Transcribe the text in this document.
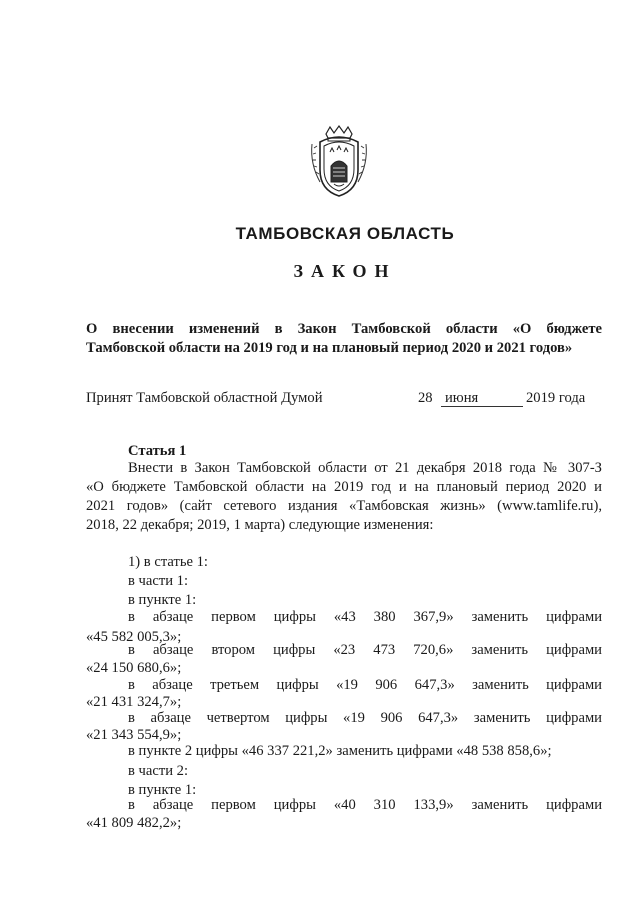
ТАМБОВСКАЯ ОБЛАСТЬ
ЗАКОН
О внесении изменений в Закон Тамбовской области «О бюджете
Тамбовской области на 2019 год и на плановый период 2020 и 2021 годов»
Принят Тамбовской областной Думой	28 июня	2019 года
Статья 1
Внести в Закон Тамбовской области от 21 декабря 2018 года № 307-З
«О бюджете Тамбовской области на 2019 год и на плановый период 2020 и
2021 годов» (сайт сетевого издания «Тамбовская жизнь» (www.tamlife.ru),
2018, 22 декабря; 2019, 1 марта) следующие изменения:
1) в статье 1:
в части 1:
в пункте 1:
в абзаце первом цифры «43 380 367,9» заменить цифрами
«45 582 005,3»;
в абзаце втором цифры «23 473 720,6» заменить цифрами
«24 150 680,6»;
в абзаце третьем цифры «19 906 647,3» заменить цифрами
«21 431 324,7»;
в абзаце четвертом цифры «19 906 647,3» заменить цифрами
«21 343 554,9»;
в пункте 2 цифры «46 337 221,2» заменить цифрами «48 538 858,6»;
в части 2:
в пункте 1:
в абзаце первом цифры «40 310 133,9» заменить цифрами
«41 809 482,2»;
